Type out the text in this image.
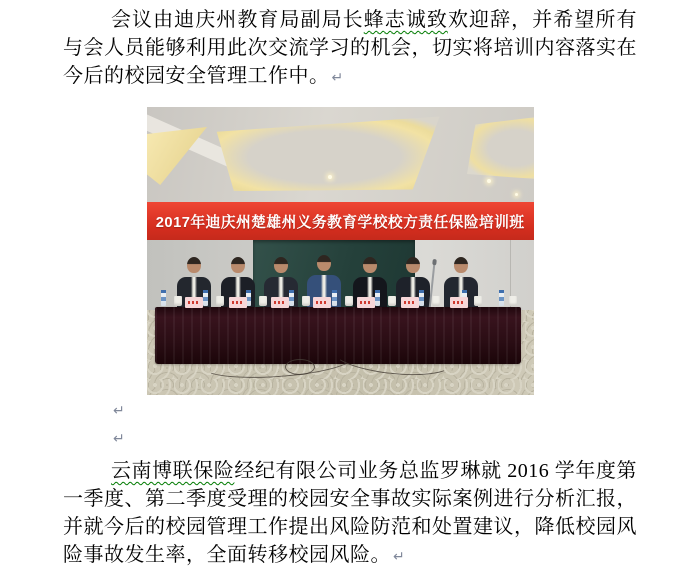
会议由迪庆州教育局副局长蜂志诚致欢迎辞，并希望所有与会人员能够利用此次交流学习的机会，切实将培训内容落实在今后的校园安全管理工作中。 ↵

2017年迪庆州楚雄州义务教育学校校方责任保险培训班
↵
↵

云南博联保险经纪有限公司业务总监罗琳就 2016 学年度第一季度、第二季度受理的校园安全事故实际案例进行分析汇报，并就今后的校园管理工作提出风险防范和处置建议，降低校园风险事故发生率，全面转移校园风险。 ↵
